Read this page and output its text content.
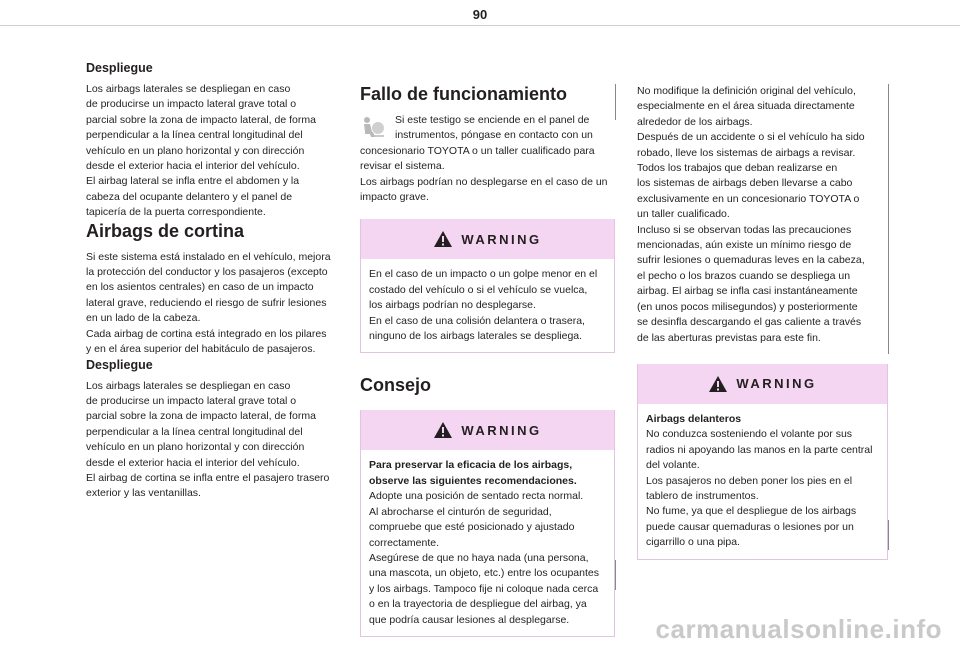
90
Despliegue

Los airbags laterales se despliegan en caso
de producirse un impacto lateral grave total o
parcial sobre la zona de impacto lateral, de forma
perpendicular a la línea central longitudinal del
vehículo en un plano horizontal y con dirección
desde el exterior hacia el interior del vehículo.
El airbag lateral se infla entre el abdomen y la
cabeza del ocupante delantero y el panel de
tapicería de la puerta correspondiente.

Airbags de cortina

Si este sistema está instalado en el vehículo, mejora
la protección del conductor y los pasajeros (excepto
en los asientos centrales) en caso de un impacto
lateral grave, reduciendo el riesgo de sufrir lesiones
en un lado de la cabeza.
Cada airbag de cortina está integrado en los pilares
y en el área superior del habitáculo de pasajeros.

Despliegue

Los airbags laterales se despliegan en caso
de producirse un impacto lateral grave total o
parcial sobre la zona de impacto lateral, de forma
perpendicular a la línea central longitudinal del
vehículo en un plano horizontal y con dirección
desde el exterior hacia el interior del vehículo.
El airbag de cortina se infla entre el pasajero trasero
exterior y las ventanillas.

Fallo de funcionamiento

Si este testigo se enciende en el panel de
instrumentos, póngase en contacto con un

concesionario TOYOTA o un taller cualificado para
revisar el sistema.
Los airbags podrían no desplegarse en el caso de un
impacto grave.

WARNING

En el caso de un impacto o un golpe menor en el
costado del vehículo o si el vehículo se vuelca,
los airbags podrían no desplegarse.
En el caso de una colisión delantera o trasera,
ninguno de los airbags laterales se despliega.

Consejo
WARNING

Para preservar la eficacia de los airbags,
observe las siguientes recomendaciones.

Adopte una posición de sentado recta normal.
Al abrocharse el cinturón de seguridad,
compruebe que esté posicionado y ajustado
correctamente.
Asegúrese de que no haya nada (una persona,
una mascota, un objeto, etc.) entre los ocupantes
y los airbags. Tampoco fije ni coloque nada cerca
o en la trayectoria de despliegue del airbag, ya
que podría causar lesiones al desplegarse.

No modifique la definición original del vehículo,
especialmente en el área situada directamente
alrededor de los airbags.
Después de un accidente o si el vehículo ha sido
robado, lleve los sistemas de airbags a revisar.
Todos los trabajos que deban realizarse en
los sistemas de airbags deben llevarse a cabo
exclusivamente en un concesionario TOYOTA o
un taller cualificado.
Incluso si se observan todas las precauciones
mencionadas, aún existe un mínimo riesgo de
sufrir lesiones o quemaduras leves en la cabeza,
el pecho o los brazos cuando se despliega un
airbag. El airbag se infla casi instantáneamente
(en unos pocos milisegundos) y posteriormente
se desinfla descargando el gas caliente a través
de las aberturas previstas para este fin.

WARNING

Airbags delanteros

No conduzca sosteniendo el volante por sus
radios ni apoyando las manos en la parte central
del volante.
Los pasajeros no deben poner los pies en el
tablero de instrumentos.
No fume, ya que el despliegue de los airbags
puede causar quemaduras o lesiones por un
cigarrillo o una pipa.

carmanualsonline.info
